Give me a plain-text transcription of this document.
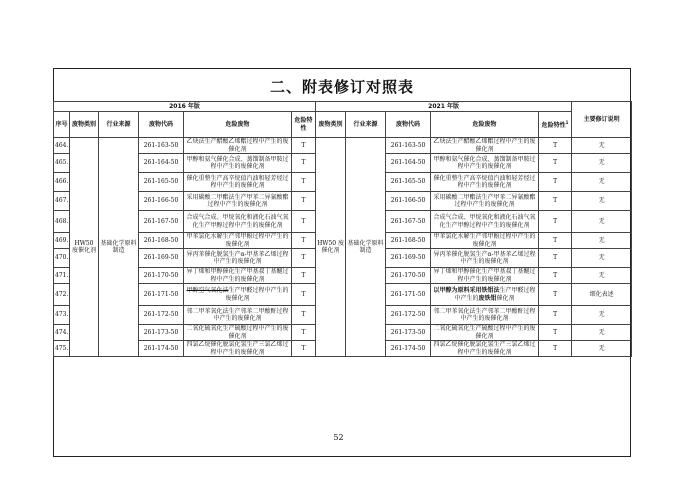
二、附表修订对照表
2016 年版						2021 年版					主要修订说明
序号	废物类别	行业来源	废物代码	危险废物	危险特性	废物类别	行业来源	废物代码	危险废物	危险特性$^1$
464.	HW50 废催化剂	基础化学原料制造	261-163-50	乙炔法生产醋酸乙烯酯过程中产生的废催化剂	T	HW50 废催化剂	基础化学原料制造	261-163-50	乙炔法生产醋酸乙烯酯过程中产生的废催化剂	T	无
465.			261-164-50	甲醇和氨气催化合成、蒸馏制备甲胺过程中产生的废催化剂	T			261-164-50	甲醇和氨气催化合成、蒸馏制备甲胺过程中产生的废催化剂	T	无
466.			261-165-50	催化重整生产高辛烷值汽油和轻芳烃过程中产生的废催化剂	T			261-165-50	催化重整生产高辛烷值汽油和轻芳烃过程中产生的废催化剂	T	无
467.			261-166-50	采用碳酸二甲酯法生产甲苯二异氰酸酯过程中产生的废催化剂	T			261-166-50	采用碳酸二甲酯法生产甲苯二异氰酸酯过程中产生的废催化剂	T	无
468.			261-167-50	合成气合成、甲烷氧化和液化石油气氧化生产甲醇过程中产生的废催化剂	T			261-167-50	合成气合成、甲烷氧化和液化石油气氧化生产甲醇过程中产生的废催化剂	T	无
469.			261-168-50	甲苯氯化水解生产邻甲酚过程中产生的废催化剂	T			261-168-50	甲苯氯化水解生产邻甲酚过程中产生的废催化剂	T	无
470.			261-169-50	异丙苯催化脱氢生产α-甲基苯乙烯过程中产生的废催化剂	T			261-169-50	异丙苯催化脱氢生产α-甲基苯乙烯过程中产生的废催化剂	T	无
471.			261-170-50	异丁烯和甲醇催化生产甲基叔丁基醚过程中产生的废催化剂	T			261-170-50	异丁烯和甲醇催化生产甲基叔丁基醚过程中产生的废催化剂	T	无
472.			261-171-50	甲醇空气氧化法生产甲醛过程中产生的废催化剂	T			261-171-50	以甲醇为原料采用铁钼法生产甲醛过程中产生的废铁钼催化剂	T	细化表述
473.			261-172-50	邻二甲苯氧化法生产邻苯二甲酸酐过程中产生的废催化剂	T			261-172-50	邻二甲苯氧化法生产邻苯二甲酸酐过程中产生的废催化剂	T	无
474.			261-173-50	二氧化硫氧化生产硫酸过程中产生的废催化剂	T			261-173-50	二氧化硫氧化生产硫酸过程中产生的废催化剂	T	无
475.			261-174-50	四氯乙烷催化脱氯化氢生产三氯乙烯过程中产生的废催化剂	T			261-174-50	四氯乙烷催化脱氯化氢生产三氯乙烯过程中产生的废催化剂	T	无
52
